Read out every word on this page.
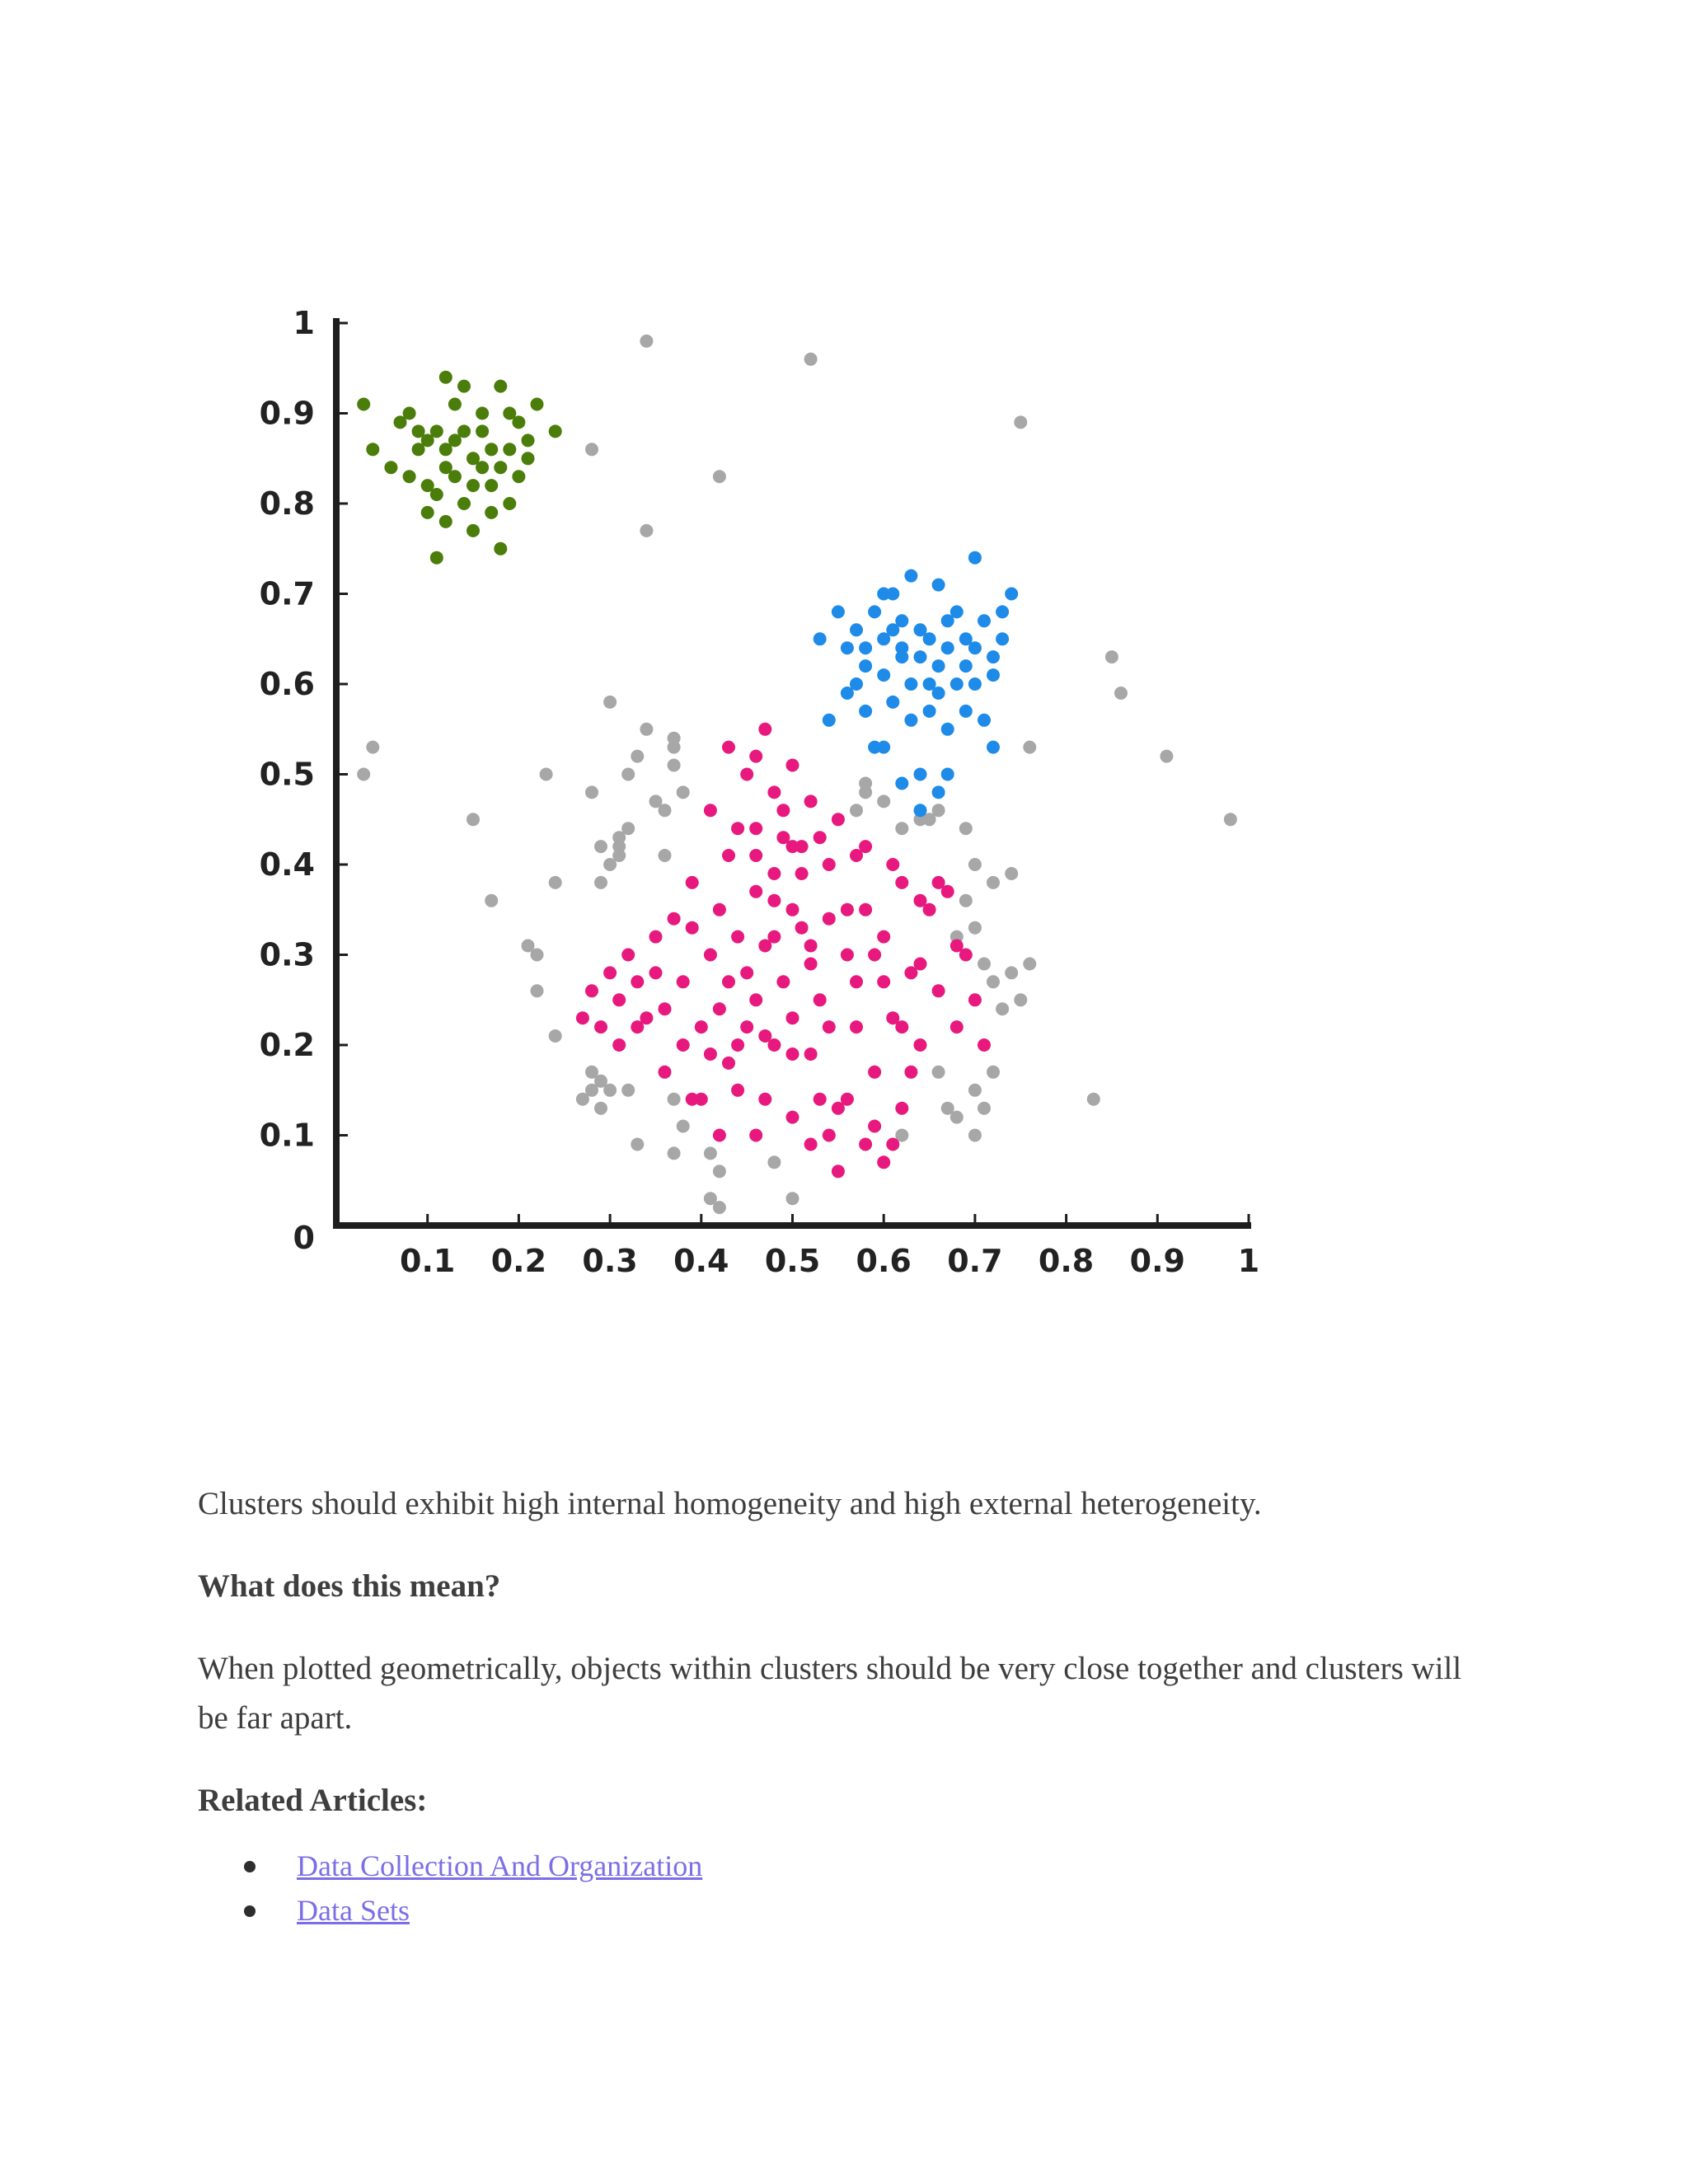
0.1 0.2 0.3 0.4 0.5 0.6 0.7 0.8 0.9 1
0.1
0.2
0.3
0.4
0.5
0.6
0.7
0.8
0.9
1
0

Clusters should exhibit high internal homogeneity and high external heterogeneity.

What does this mean?

When plotted geometrically, objects within clusters should be very close together and clusters will be far apart.

Related Articles:

Data Collection And Organization
Data Sets
